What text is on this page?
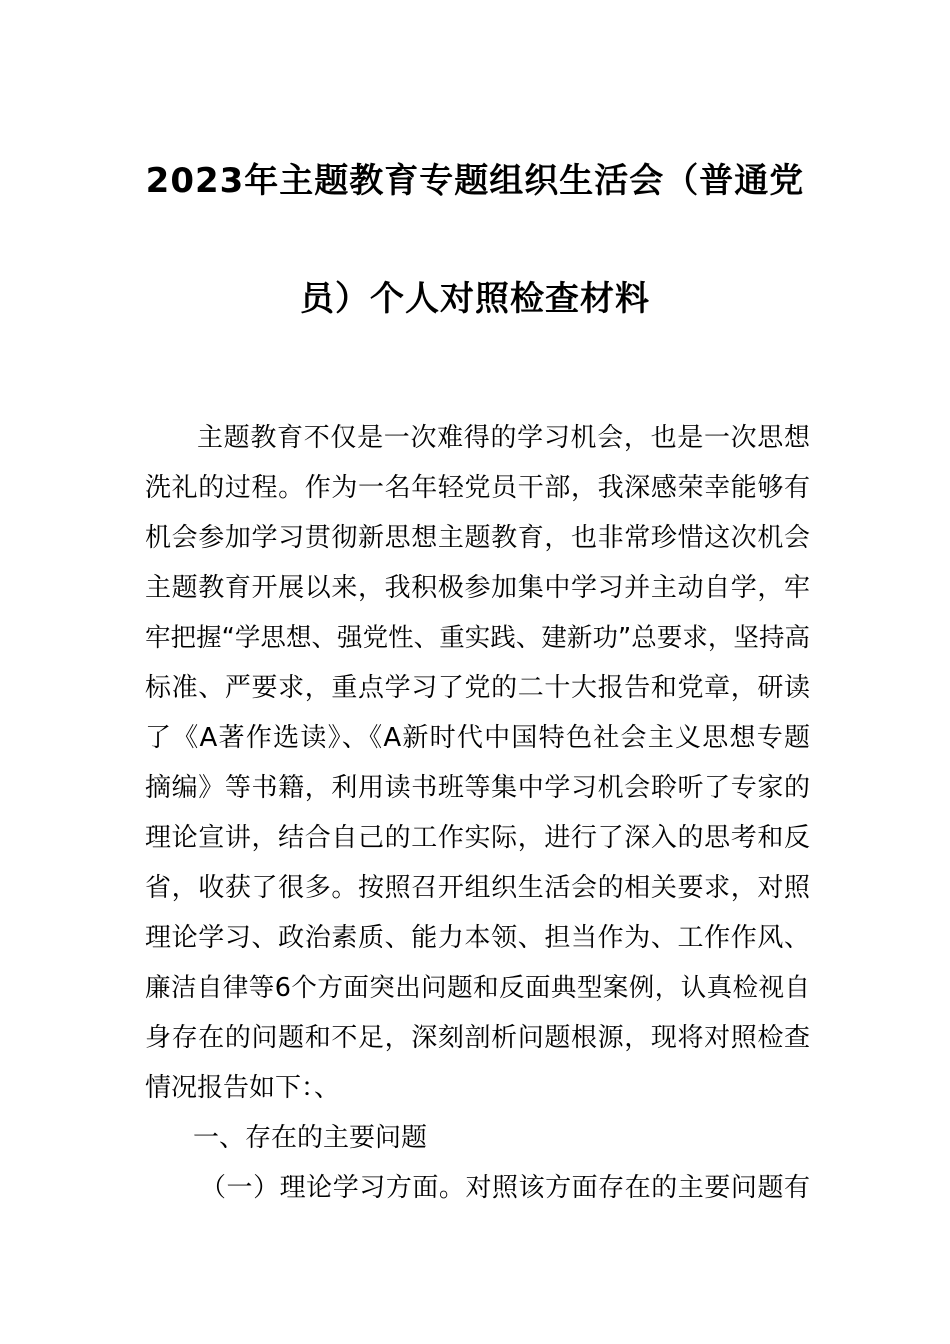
2023年主题教育专题组织生活会（普通党
员）个人对照检查材料
主题教育不仅是一次难得的学习机会，也是一次思想
洗礼的过程。作为一名年轻党员干部，我深感荣幸能够有
机会参加学习贯彻新思想主题教育，也非常珍惜这次机会
主题教育开展以来，我积极参加集中学习并主动自学，牢
牢把握“学思想、强党性、重实践、建新功”总要求，坚持高
标准、严要求，重点学习了党的二十大报告和党章，研读
了《A著作选读》、《A新时代中国特色社会主义思想专题
摘编》等书籍，利用读书班等集中学习机会聆听了专家的
理论宣讲，结合自己的工作实际，进行了深入的思考和反
省，收获了很多。按照召开组织生活会的相关要求，对照
理论学习、政治素质、能力本领、担当作为、工作作风、
廉洁自律等6个方面突出问题和反面典型案例，认真检视自
身存在的问题和不足，深刻剖析问题根源，现将对照检查
情况报告如下：、
一、存在的主要问题
（一）理论学习方面。对照该方面存在的主要问题有
